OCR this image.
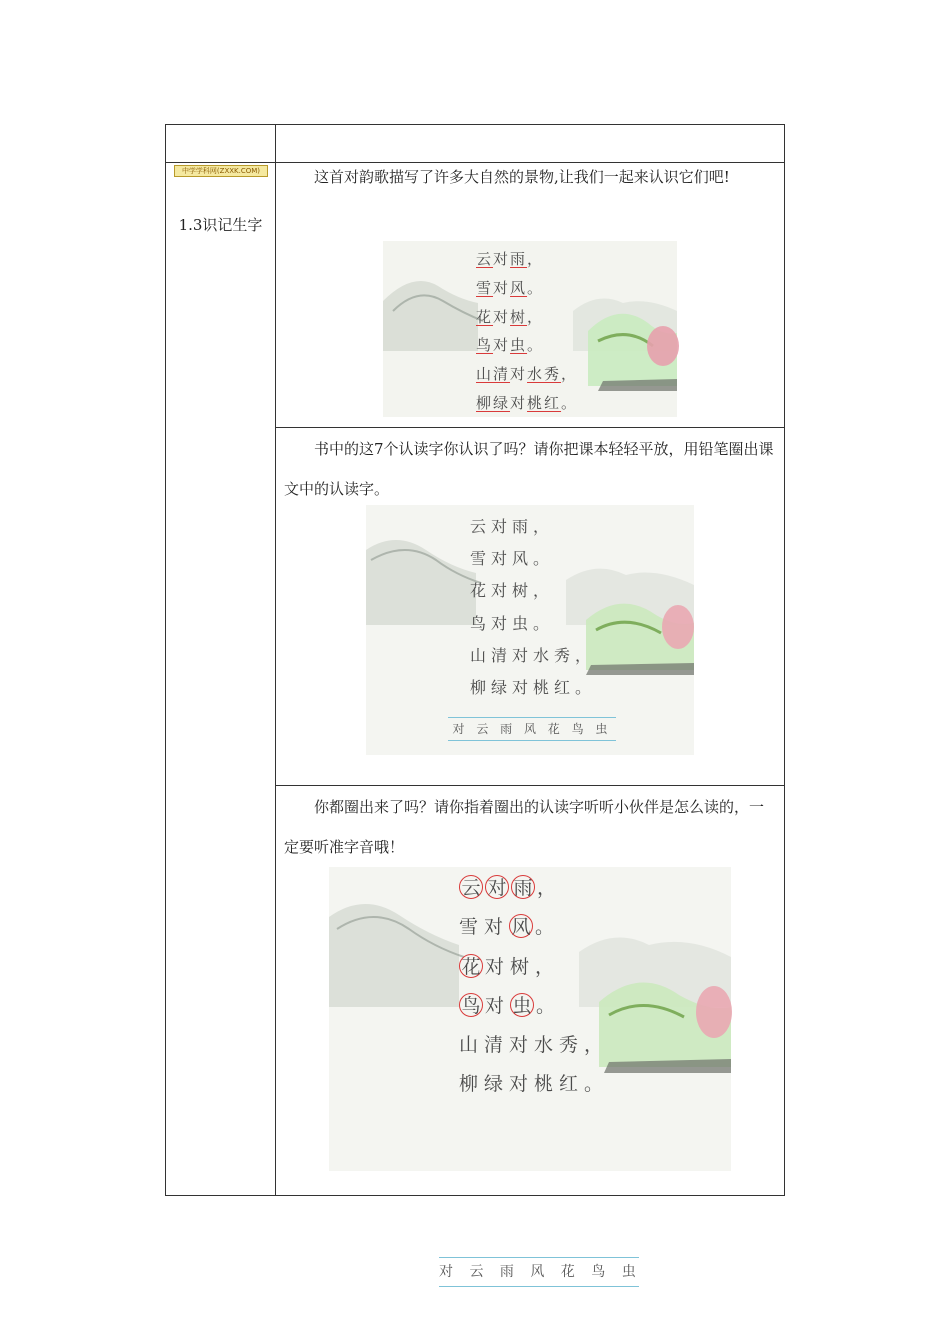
中学学科网(ZXXK.COM)
1.3识记生字

这首对韵歌描写了许多大自然的景物,让我们一起来认识它们吧!

书中的这7个认读字你认识了吗？请你把课本轻轻平放，用铅笔圈出课文中的认读字。

你都圈出来了吗？请你指着圈出的认读字听听小伙伴是怎么读的，一定要听准字音哦！

云对雨，
雪对风。
花对树，
鸟对虫。
山清对水秀，
柳绿对桃红。
云对雨，
雪对风。
花对树，
鸟对虫。
山清对水秀，
柳绿对桃红。
对 云 雨 风 花 鸟 虫
云 对 雨 ，
雪对 风 。
花 对树，
鸟 对 虫 。
山清对水秀，
柳绿对桃红。
对 云 雨 风 花 鸟 虫
